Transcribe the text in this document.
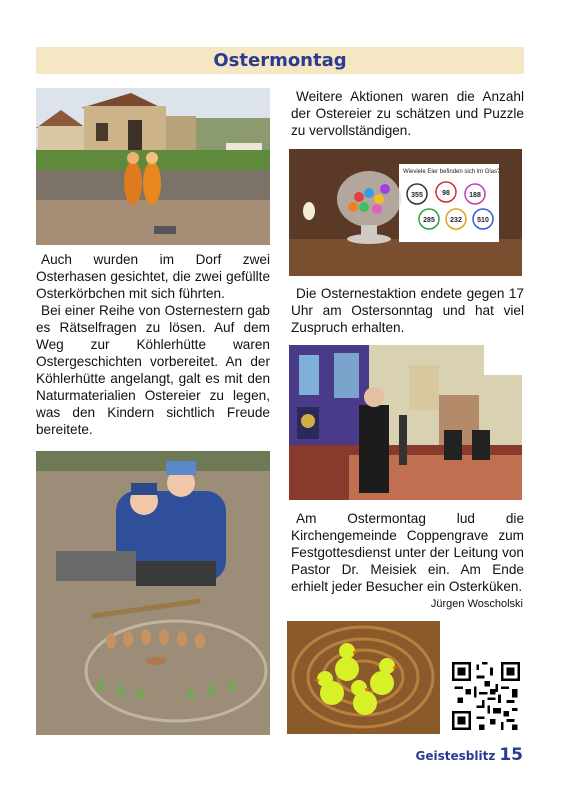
Ostermontag

Auch wurden im Dorf zwei Osterhasen gesichtet, die zwei gefüllte Osterkörbchen mit sich führten.

Bei einer Reihe von Osternestern gab es Rätselfragen zu lösen. Auf dem Weg zur Köhlerhütte waren Ostergeschichten vorbereitet. An der Köhlerhütte angelangt, galt es mit den Naturmaterialien Ostereier zu legen, was den Kindern sichtlich Freude bereitete.

Weitere Aktionen waren die Anzahl der Ostereier zu schätzen und Puzzle zu vervollständigen.

Wieviele Eier befinden sich im Glas?
355	98	188
285 232 510

Die Osternestaktion endete gegen 17 Uhr am Ostersonntag und hat viel Zuspruch erhalten.

Am Ostermontag lud die Kirchengemeinde Coppengrave zum Festgottesdienst unter der Leitung von Pastor Dr. Meisiek ein. Am Ende erhielt jeder Besucher ein Osterküken.

Jürgen Woscholski
Geistesblitz 15
